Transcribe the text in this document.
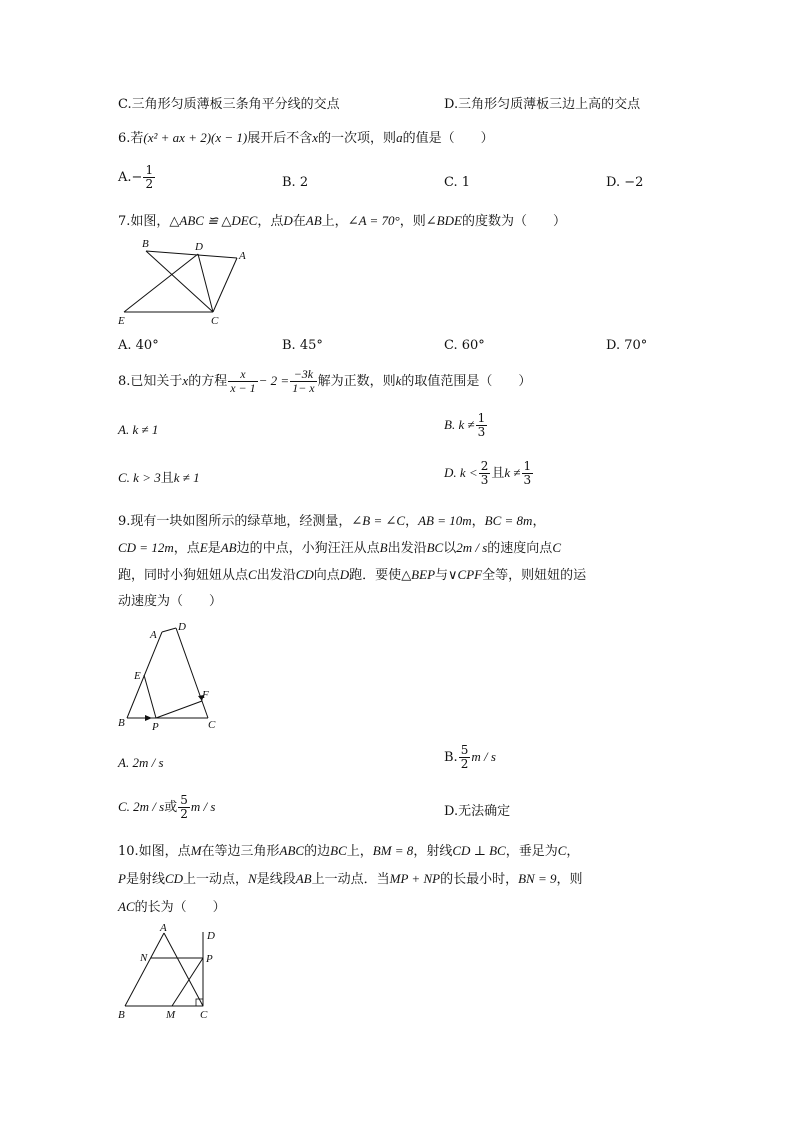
C.三角形匀质薄板三条角平分线的交点	D.三角形匀质薄板三边上高的交点
6.若(x² + ax + 2)(x − 1)展开后不含x的一次项，则a的值是（　　）
$A.- \frac{1}{2}$	B. 2	C. 1	D. −2
7.如图，△ABC ≌ △DEC，点D在AB上，∠A = 70°，则∠BDE的度数为（　　）
B	D
A
E	C
A. 40°	B. 45°	C. 60°	D. 70°
8.已知关于x的方程 $\frac{x}{x - 1} - 2 = \frac{-3k}{1- x}$ 解为正数，则k的取值范围是（　　）
A. k ≠ 1	B. $k \ne \frac{1}{3}$
C. k > 3且k ≠ 1	D. $k < \frac{2}{3}$ 且$k \ne \frac{1}{3}$
9.现有一块如图所示的绿草地，经测量，∠B = ∠C，AB = 10m，BC = 8m，
CD = 12m，点E是AB边的中点，小狗汪汪从点B出发沿BC以2m / s的速度向点C
跑，同时小狗妞妞从点C出发沿CD向点D跑．要使△BEP与∨CPF全等，则妞妞的运
动速度为（　　）
A
D
E
F
B P	C
A. 2m / s	B. $\frac{5}{2}$ m / s
C. 2m / s或 $\frac{5}{2}$ m / s	D.无法确定
10.如图，点M在等边三角形ABC的边BC上，BM = 8，射线CD ⊥ BC，垂足为C，
P是射线CD上一动点，N是线段AB上一动点．当MP + NP的长最小时，BN = 9，则
AC的长为（　　）
A
D
N	P
B	M C
